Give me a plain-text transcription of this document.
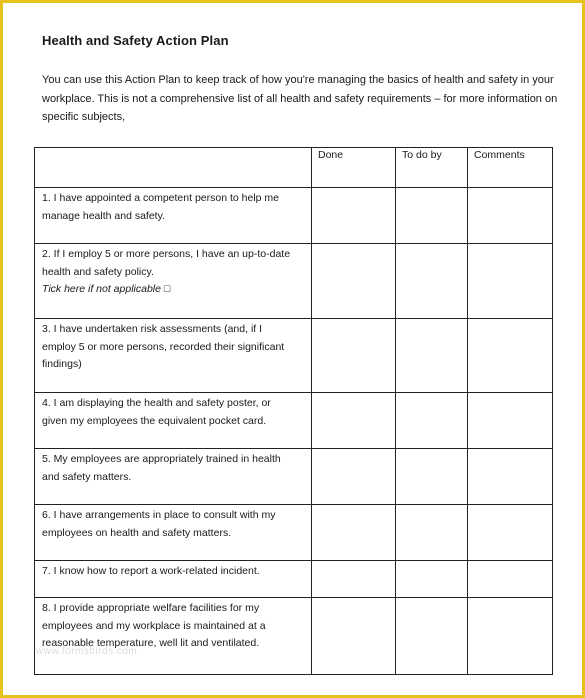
Health and Safety Action Plan
You can use this Action Plan to keep track of how you're managing the basics of health and safety in your
workplace. This is not a comprehensive list of all health and safety requirements – for more information on
specific subjects,
	Done	To do by	Comments

1. I have appointed a competent person to help me
manage health and safety.			

2. If I employ 5 or more persons, I have an up-to-date
health and safety policy.
Tick here if not applicable □			

3. I have undertaken risk assessments (and, if I
employ 5 or more persons, recorded their significant
findings)			

4. I am displaying the health and safety poster, or
given my employees the equivalent pocket card.			

5. My employees are appropriately trained in health
and safety matters.			

6. I have arrangements in place to consult with my
employees on health and safety matters.			

7. I know how to report a work-related incident.			

8. I provide appropriate welfare facilities for my
employees and my workplace is maintained at a
reasonable temperature, well lit and ventilated.			

www.formsbirds.com
